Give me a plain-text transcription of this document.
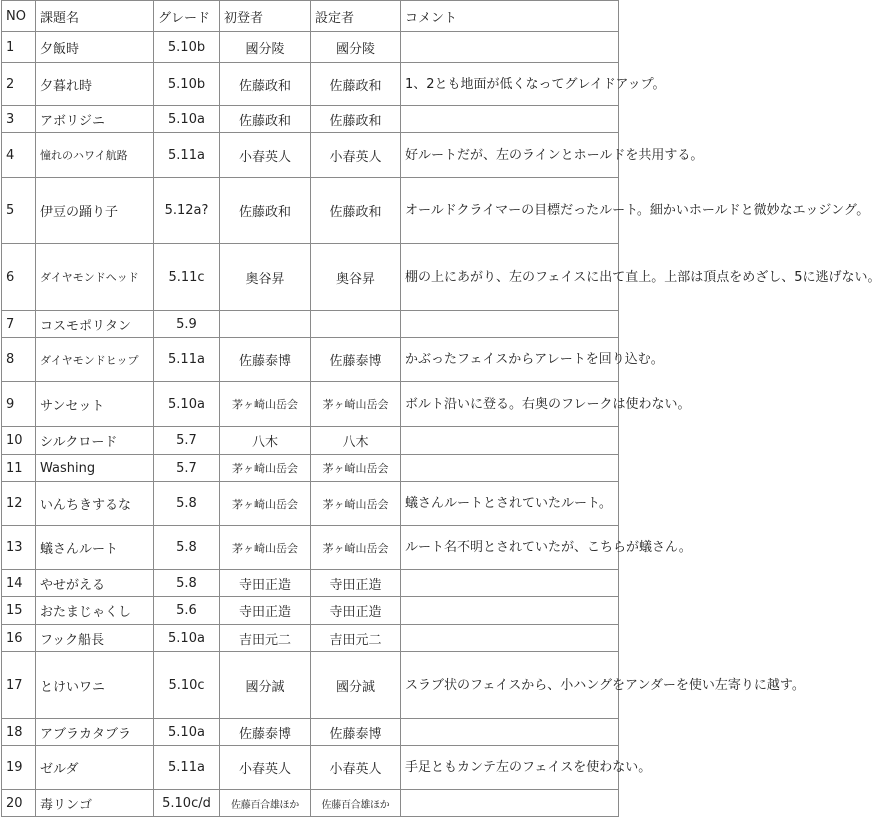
NO	課題名	グレード	初登者	設定者	コメント
1	夕飯時	5.10b	國分陵	國分陵	
2	夕暮れ時	5.10b	佐藤政和	佐藤政和	1、2とも地面が低くなってグレイドアップ。
3	アボリジニ	5.10a	佐藤政和	佐藤政和	
4	憧れのハワイ航路	5.11a	小春英人	小春英人	好ルートだが、左のラインとホールドを共用する。
5	伊豆の踊り子	5.12a?	佐藤政和	佐藤政和	オールドクライマーの目標だったルート。細かいホールドと微妙なエッジング。
6	ダイヤモンドヘッド	5.11c	奥谷昇	奥谷昇	棚の上にあがり、左のフェイスに出て直上。上部は頂点をめざし、5に逃げない。
7	コスモポリタン	5.9			
8	ダイヤモンドヒップ	5.11a	佐藤泰博	佐藤泰博	かぶったフェイスからアレートを回り込む。
9	サンセット	5.10a	茅ヶ崎山岳会	茅ヶ崎山岳会	ボルト沿いに登る。右奥のフレークは使わない。
10	シルクロード	5.7	八木	八木	
11	Washing	5.7	茅ヶ崎山岳会	茅ヶ崎山岳会	
12	いんちきするな	5.8	茅ヶ崎山岳会	茅ヶ崎山岳会	蟻さんルートとされていたルート。
13	蟻さんルート	5.8	茅ヶ崎山岳会	茅ヶ崎山岳会	ルート名不明とされていたが、こちらが蟻さん。
14	やせがえる	5.8	寺田正造	寺田正造	
15	おたまじゃくし	5.6	寺田正造	寺田正造	
16	フック船長	5.10a	吉田元二	吉田元二	
17	とけいワニ	5.10c	國分誠	國分誠	スラブ状のフェイスから、小ハングをアンダーを使い左寄りに越す。
18	アブラカタブラ	5.10a	佐藤泰博	佐藤泰博	
19	ゼルダ	5.11a	小春英人	小春英人	手足ともカンテ左のフェイスを使わない。
20	毒リンゴ	5.10c/d	佐藤百合雄ほか	佐藤百合雄ほか	
